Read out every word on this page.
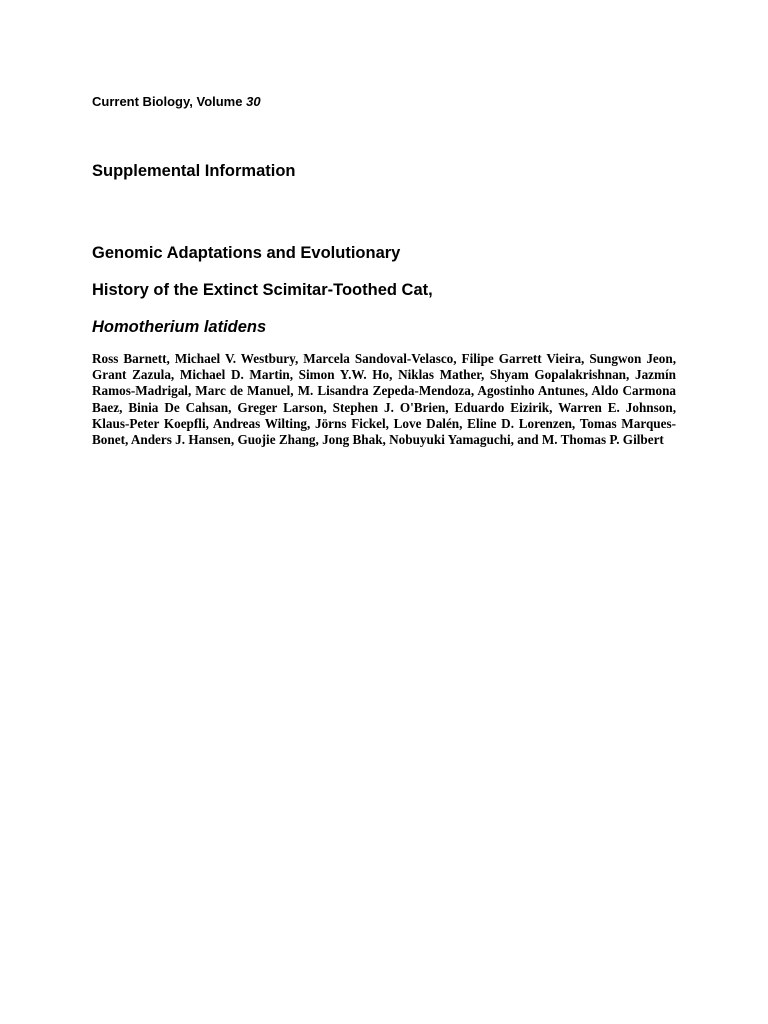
Current Biology, Volume 30
Supplemental Information
Genomic Adaptations and Evolutionary
History of the Extinct Scimitar-Toothed Cat,
Homotherium latidens

Ross Barnett, Michael V. Westbury, Marcela Sandoval-Velasco, Filipe Garrett Vieira, Sungwon Jeon, Grant Zazula, Michael D. Martin, Simon Y.W. Ho, Niklas Mather, Shyam Gopalakrishnan, Jazmín Ramos-Madrigal, Marc de Manuel, M. Lisandra Zepeda-Mendoza, Agostinho Antunes, Aldo Carmona Baez, Binia De Cahsan, Greger Larson, Stephen J. O'Brien, Eduardo Eizirik, Warren E. Johnson, Klaus-Peter Koepfli, Andreas Wilting, Jörns Fickel, Love Dalén, Eline D. Lorenzen, Tomas Marques-Bonet, Anders J. Hansen, Guojie Zhang, Jong Bhak, Nobuyuki Yamaguchi, and M. Thomas P. Gilbert
